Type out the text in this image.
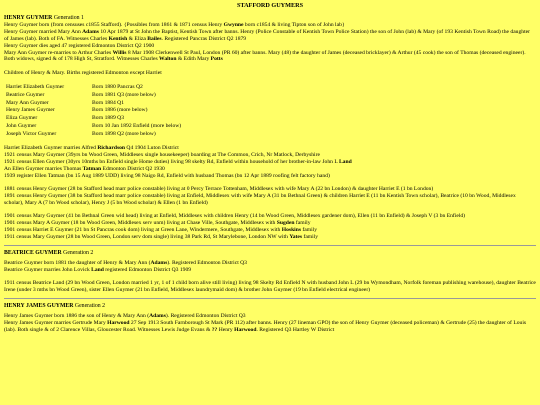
STAFFORD GUYMERS
HENRY GUYMER Generation 1

Henry Guymer born (from censuses c1855 Stafford). {Possibles from 1861 & 1871 census Henry Gwynne born c1854 & living Tipton son of John lab}

Henry Guymer married Mary Ann Adams 10 Apr 1879 at St John the Baptist, Kentish Town after banns. Henry (Police Constable of Kentish Town Police Station) the son of John (lab) & Mary (of 193 Kentish Town Road) the daughter of James (lab). Both of FA. Witnesses Charles Kentish & Eliza Bailes. Registered Pancras District Q2 1879

Henry Guymer dies aged 47 registered Edmonton District Q2 1900

Mary Ann Guymer re-marries to Arthur Charles Willis 8 Mar 1908 Clerkenwell St Paul, London (PR 60) after banns. Mary (48) the daughter of James (deceased bricklayer) & Arthur (45 cook) the son of Thomas (deceased engineer). Both widows, signed & of 178 High St, Stratford. Witnesses Charles Walton & Edith Mary Potts

Children of Henry & Mary. Births registered Edmonton except Harriet

Harriet Elizabeth Guymer	Born 1880 Pancras Q2
Beatrice Guymer	Born 1881 Q3 (more below)
Mary Ann Guymer	Born 1884 Q1
Henry James Guymer	Born 1886 (more below)
Eliza Guymer	Born 1889 Q3
John Guymer	Born 10 Jan 1892 Enfield (more below)
Joseph Victor Guymer	Born 1898 Q2 (more below)

Harriet Elizabeth Guymer marries Alfred Richardson Q4 1904 Luton District

1921 census Mary Guymer (39yrs bn Wood Green, Middlesex single housekeeper) boarding at The Common, Crich, Nr Matlock, Derbyshire

1921 census Ellen Guymer (30yrs 10mths bn Enfield single Home duties) living 98 skelty Rd, Enfield within household of her brother-in-law John L Land

An Ellen Guymer marries Thomas Tatman Edmonton District Q2 1930

1939 register Ellen Tatman (bn 15 Aug 1889 UDD) living 98 Naigo Rd, Enfield with husband Thomas (bn 12 Apr 1889 roofing felt factory hand)

1881 census Henry Guymer (28 bn Stafford head marr police constable) living at 0 Percy Terrace Tottenham, Middlesex with wife Mary A (22 bn London) & daughter Harriet E (1 bn London)

1891 census Henry Guymer (38 bn Stafford head marr police constable) living at Enfield, Middlesex with wife Mary A (31 bn Bethnal Green) & children Harriet E (11 bn Kentish Town scholar), Beatrice (10 bn Wood, Middlesex scholar), Mary A (7 bn Wood scholar), Henry J (5 bn Wood scholar) & Ellen (1 bn Enfield)

1901 census Mary Guymer (41 bn Bethnal Green wid head) living at Enfield, Middlesex with children Henry (14 bn Wood Green, Middlesex gardener dom), Ellen (11 bn Enfield) & Joseph V (3 bn Enfield)

1901 census Mary A Guymer (18 bn Wood Green, Middlesex serv unm) living at Chase Ville, Southgate, Middlesex with Sugden family

1901 census Harriet E Guymer (21 bn St Pancras cook dom) living at Green Lane, Windermere, Southgate, Middlesex with Hoskins family

1911 census Mary Guymer (28 bn Wood Green, London serv dom single) living 38 Park Rd, St Marylebone, London NW with Yates family

BEATRICE GUYMER Generation 2

Beatrice Guymer born 1881 the daughter of Henry & Mary Ann (Adams). Registered Edmonton District Q3

Beatrice Guymer marries John Lovick Land registered Edmonton District Q3 1909

1911 census Beatrice Land (29 bn Wood Green, London married 1 yr, 1 of 1 child born alive still living) living 98 Skelty Rd Enfield N with husband John L (29 bn Wymondham, Norfolk foreman publishing warehouse), daughter Beatrice Irene (under 3 mths bn Wood Green), sister Ellen Guymer (21 bn Enfield, Middlesex laundrymaid dom) & brother John Guymer (19 bn Enfield electrical engineer)

HENRY JAMES GUYMER Generation 2

Henry James Guymer born 1886 the son of Henry & Mary Ann (Adams). Registered Edmonton District Q3

Henry James Guymer marries Gertrude Mary Harwood 27 Sep 1913 South Farnborough St Mark (PR 112) after banns. Henry (27 lineman GPO) the son of Henry Guymer (deceased policeman) & Gertrude (25) the daughter of Louis (lab). Both single & of 2 Clarence Villas, Gloucester Road. Witnesses Lewis Judge Evans & ?? Henry Harwood. Registered Q3 Hartley W District
